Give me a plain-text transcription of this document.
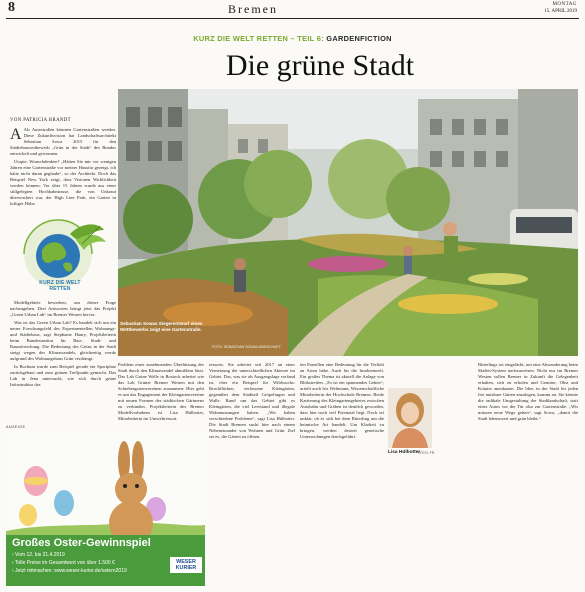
8	Bremen	MONTAG
15. APRIL 2019
KURZ DIE WELT RETTEN – TEIL 6: GARDENFICTION
Die grüne Stadt
VON PATRICIA BRANDT

A Als Autostraßen könnten Gartenstraßen werden. Diese Zukunftsvision hat Landschaftsarchitekt Sebastian Sowa 2015 für den Städtebauwettbewerb „Grün in der Stadt“ des Bundes entwickelt und gewonnen.

Utopie, Wunschdenken? „Hätten Sie mir vor wenigen Jahren eine Gartenstraße vor meiner Haustür gezeigt, ich hätte nicht daran geglaubt“, so der Architekt. Doch das Beispiel New York zeigt, dass Visionen Wirklichkeit werden können: Vor über 15 Jahren wurde aus einer stillgelegten Hochbahntrasse, die von Unkraut überwuchert war, der High Line Park, ein Garten in luftiger Höhe.

KURZ DIE WELT RETTEN
Sebastian Sowas Siegerentwurf eines Wettbewerbs zeigt eine Gartenstraße.
FOTO: SEBASTIAN SOWA/LANDSCHAFT

Modellgebiete bewerben, um dieser Frage nachzugehen. Drei Antworten bringt jetzt das Projekt „Green Urban Lab“ im Bremer Westen hervor.

Was ist das Green Urban Lab? Es handelt sich um ein neues Forschungsfeld des Experimentellen Wohnungs- und Städtebaus, sagt Stephanie Haury, Projektleiterin beim Bundesinstitut für Bau-, Stadt- und Raumforschung. Die Bedeutung des Grüns in der Stadt steigt wegen des Klimawandels, gleichzeitig werde aufgrund des Wohnungsbaus Grün verdrängt.

In Bochum wurde zum Beispiel gerade ein Sportplatz zurückgebaut und zum grünen Treffpunkt gemacht. Das Lab in Jena untersucht, wie sich durch grüne Infrastruktur das

Problem einer zunehmenden Überhitzung der Stadt durch den Klimawandel abmildern lässt. Das Lab Grüne Welle in Rostock arbeitet wie das Lab Grüner Bremer Westen mit den Schrebergartenvereinen zusammen: Hier geht es um das Engagement der Kleingartenvereine mit neuen Formen des städtischen Gärtnerns zu verbinden. Projektleiterin des Bremer Modellvorhabens ist Lisa Hülbotter, Mitarbeiterin im Umweltressort.

ressorts. Sie arbeitet seit 2017 an einer Vernetzung der unterschiedlichen Akteure im Gebiet. Das, was sie als Ausgangslage vorfand ist, eher ein Beispiel für Wildwuchs: Brachflächen, verlassene Kleingärten, gegenüber dem Stadtteil Gröpelingen und Walle. Rund um das Gebiet gibt es Kleingärten, die viel Leerstand und illegale Wohnnutzungen haben. „Wir haben verschiedene Probleme“, sagt Lisa Hülbotter. Die Stadt Bremen sucht hier nach einem Nebeneinander von Wohnen und Grün. Ziel sei es, die Gärten zu öffnen.

ten Parzellen eine Bedeutung für die Vielfalt an Arten habe. Auch für die Insektenwelt. Ein großes Thema ist aktuell die Anlage von Blühstreifen. „Es ist ein spannendes Gebiet“, urteilt auch Iris Weltmann, Wissenschaftliche Mitarbeiterin der Hochschule Bremen. Beide Kartierung des Kleingartengebietes zwischen Autobahn und Gräben ist deutlich geworden, dass hier noch viel Potenzial liegt. Noch sei unklar, ob es sich bei dem Bitterling um die heimische Art handelt. Um Klarheit zu bringen, werden derzeit genetische Untersuchungen durchgeführt.

Lisa Hülbotter
FOTO: FR

Bitterlings rot eingefärbt, um eine Abwanderung beim Skelett-System nachzuweisen. Nicht nur im Bremer Westen sollen Bremer in Zukunft die Gelegenheit erhalten, sich zu erholen und Gemüse, Obst und Kräuter anzubauen. Die Idee, in der Stadt für jeden frei nutzbare Gärten anzulegen, kommt an. Sie könnte die radikale Umgestaltung der Stadtlandschaft, statt eines Autos vor die Tür also zur Gartenstraße. „Wir müssen neue Wege gehen“, sagt Sowa, „damit die Stadt lebenswert und grün bleibt.“

ANZEIGE
Großes Oster-Gewinnspiel
› Vom 12. bis 21.4.2019
› Tolle Preise im Gesamtwert von über 1.500 €
› Jetzt mitmachen: www.weser-kurier.de/ostern2019
WESER KURIER
